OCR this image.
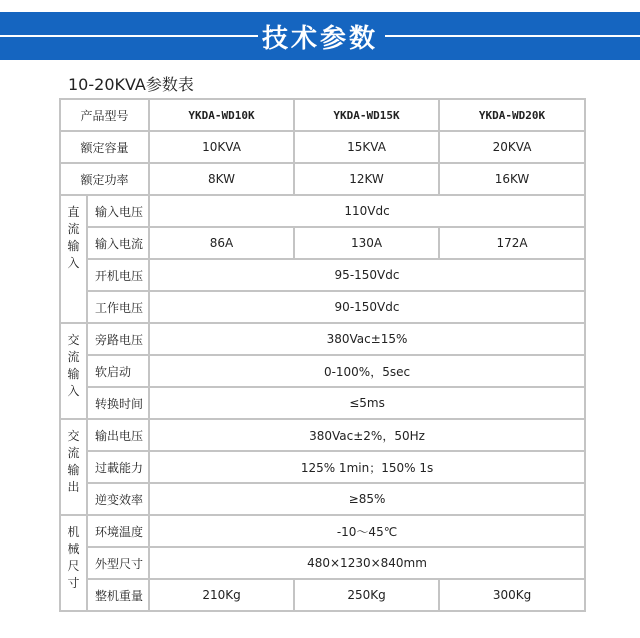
技术参数
10-20KVA参数表
产品型号		YKDA-WD10K	YKDA-WD15K	YKDA-WD20K
额定容量		10KVA	15KVA	20KVA
额定功率		8KW	12KW	16KW
直
流
输
入	输入电压	110Vdc		
	输入电流	86A	130A	172A
	开机电压	95-150Vdc		
	工作电压	90-150Vdc		
交
流
输
入	旁路电压	380Vac±15%		
	软启动	0-100%，5sec		
	转换时间	≤5ms		
交
流
输
出	输出电压	380Vac±2%，50Hz		
	过載能力	125% 1min；150% 1s		
	逆变效率	≥85%		
机
械
尺
寸	环境温度	-10～45℃		
	外型尺寸	480×1230×840mm		
	整机重量	210Kg	250Kg	300Kg
